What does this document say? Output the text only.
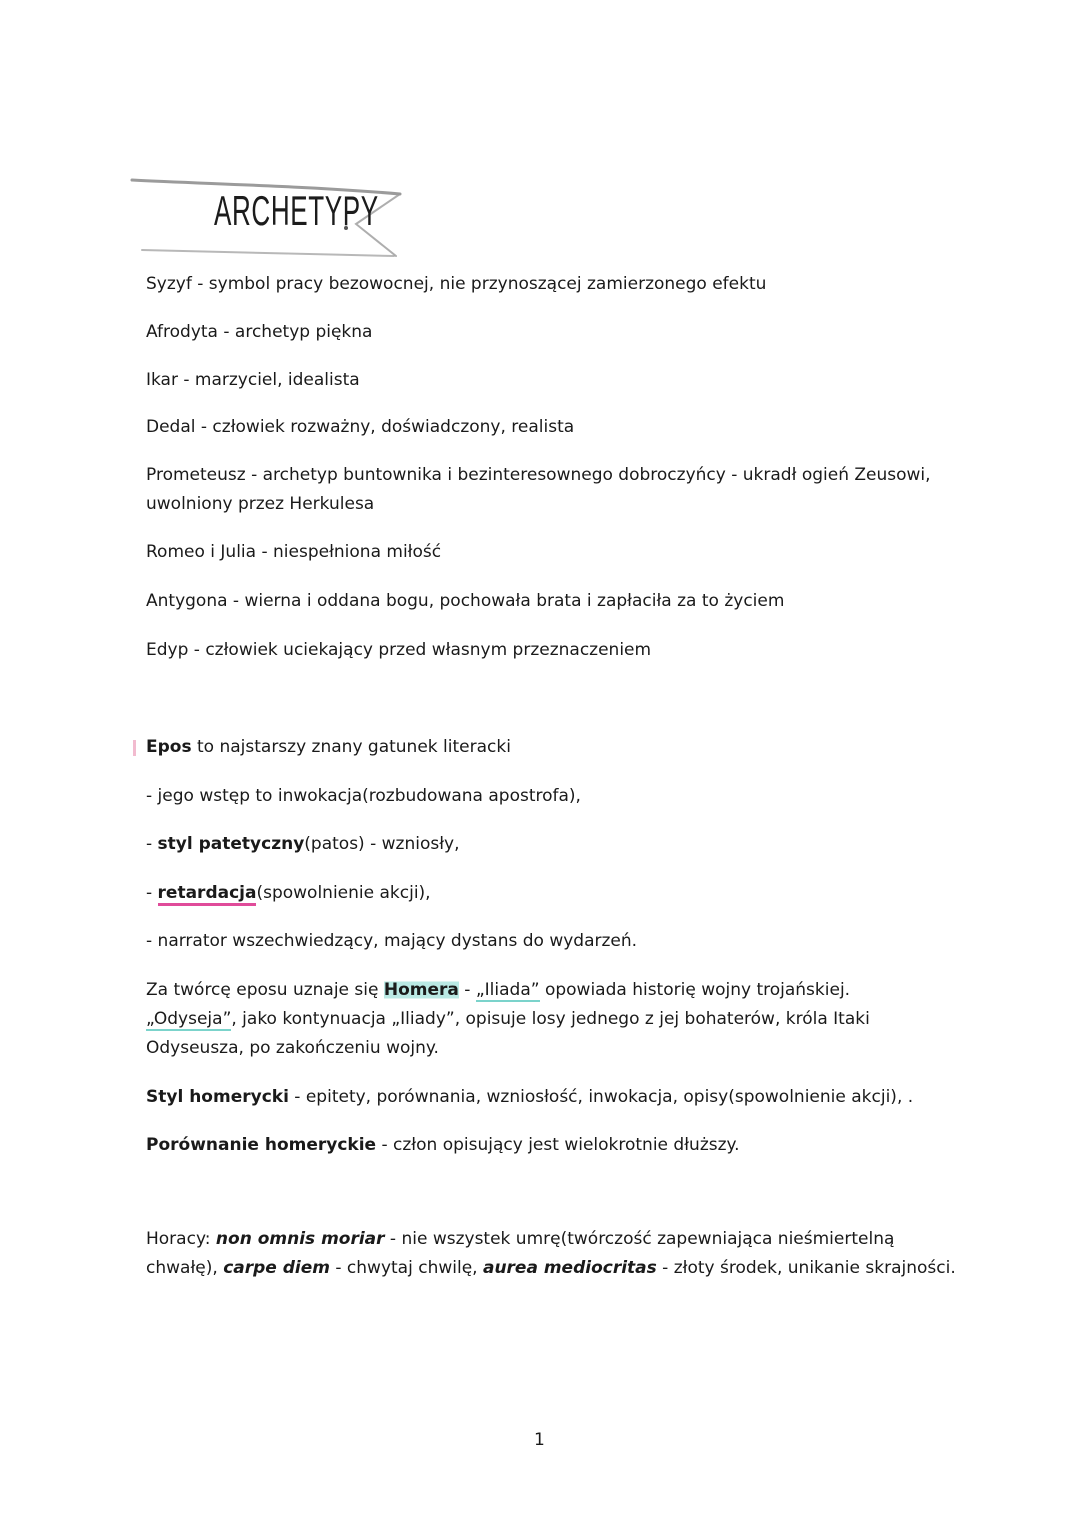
ARCHETYPY
Syzyf - symbol pracy bezowocnej, nie przynoszącej zamierzonego efektu
Afrodyta - archetyp piękna
Ikar - marzyciel, idealista
Dedal - człowiek rozważny, doświadczony, realista
Prometeusz - archetyp buntownika i bezinteresownego dobroczyńcy - ukradł ogień Zeusowi,
uwolniony przez Herkulesa
Romeo i Julia - niespełniona miłość
Antygona - wierna i oddana bogu, pochowała brata i zapłaciła za to życiem
Edyp - człowiek uciekający przed własnym przeznaczeniem
Epos to najstarszy znany gatunek literacki
- jego wstęp to inwokacja(rozbudowana apostrofa),
- styl patetyczny(patos) - wzniosły,
- retardacja(spowolnienie akcji),
- narrator wszechwiedzący, mający dystans do wydarzeń.
Za twórcę eposu uznaje się Homera - „Iliada” opowiada historię wojny trojańskiej.
„Odyseja”, jako kontynuacja „Iliady”, opisuje losy jednego z jej bohaterów, króla Itaki
Odyseusza, po zakończeniu wojny.
Styl homerycki - epitety, porównania, wzniosłość, inwokacja, opisy(spowolnienie akcji), .
Porównanie homeryckie - człon opisujący jest wielokrotnie dłuższy.
Horacy: non omnis moriar - nie wszystek umrę(twórczość zapewniająca nieśmiertelną
chwałę), carpe diem - chwytaj chwilę, aurea mediocritas - złoty środek, unikanie skrajności.
1
